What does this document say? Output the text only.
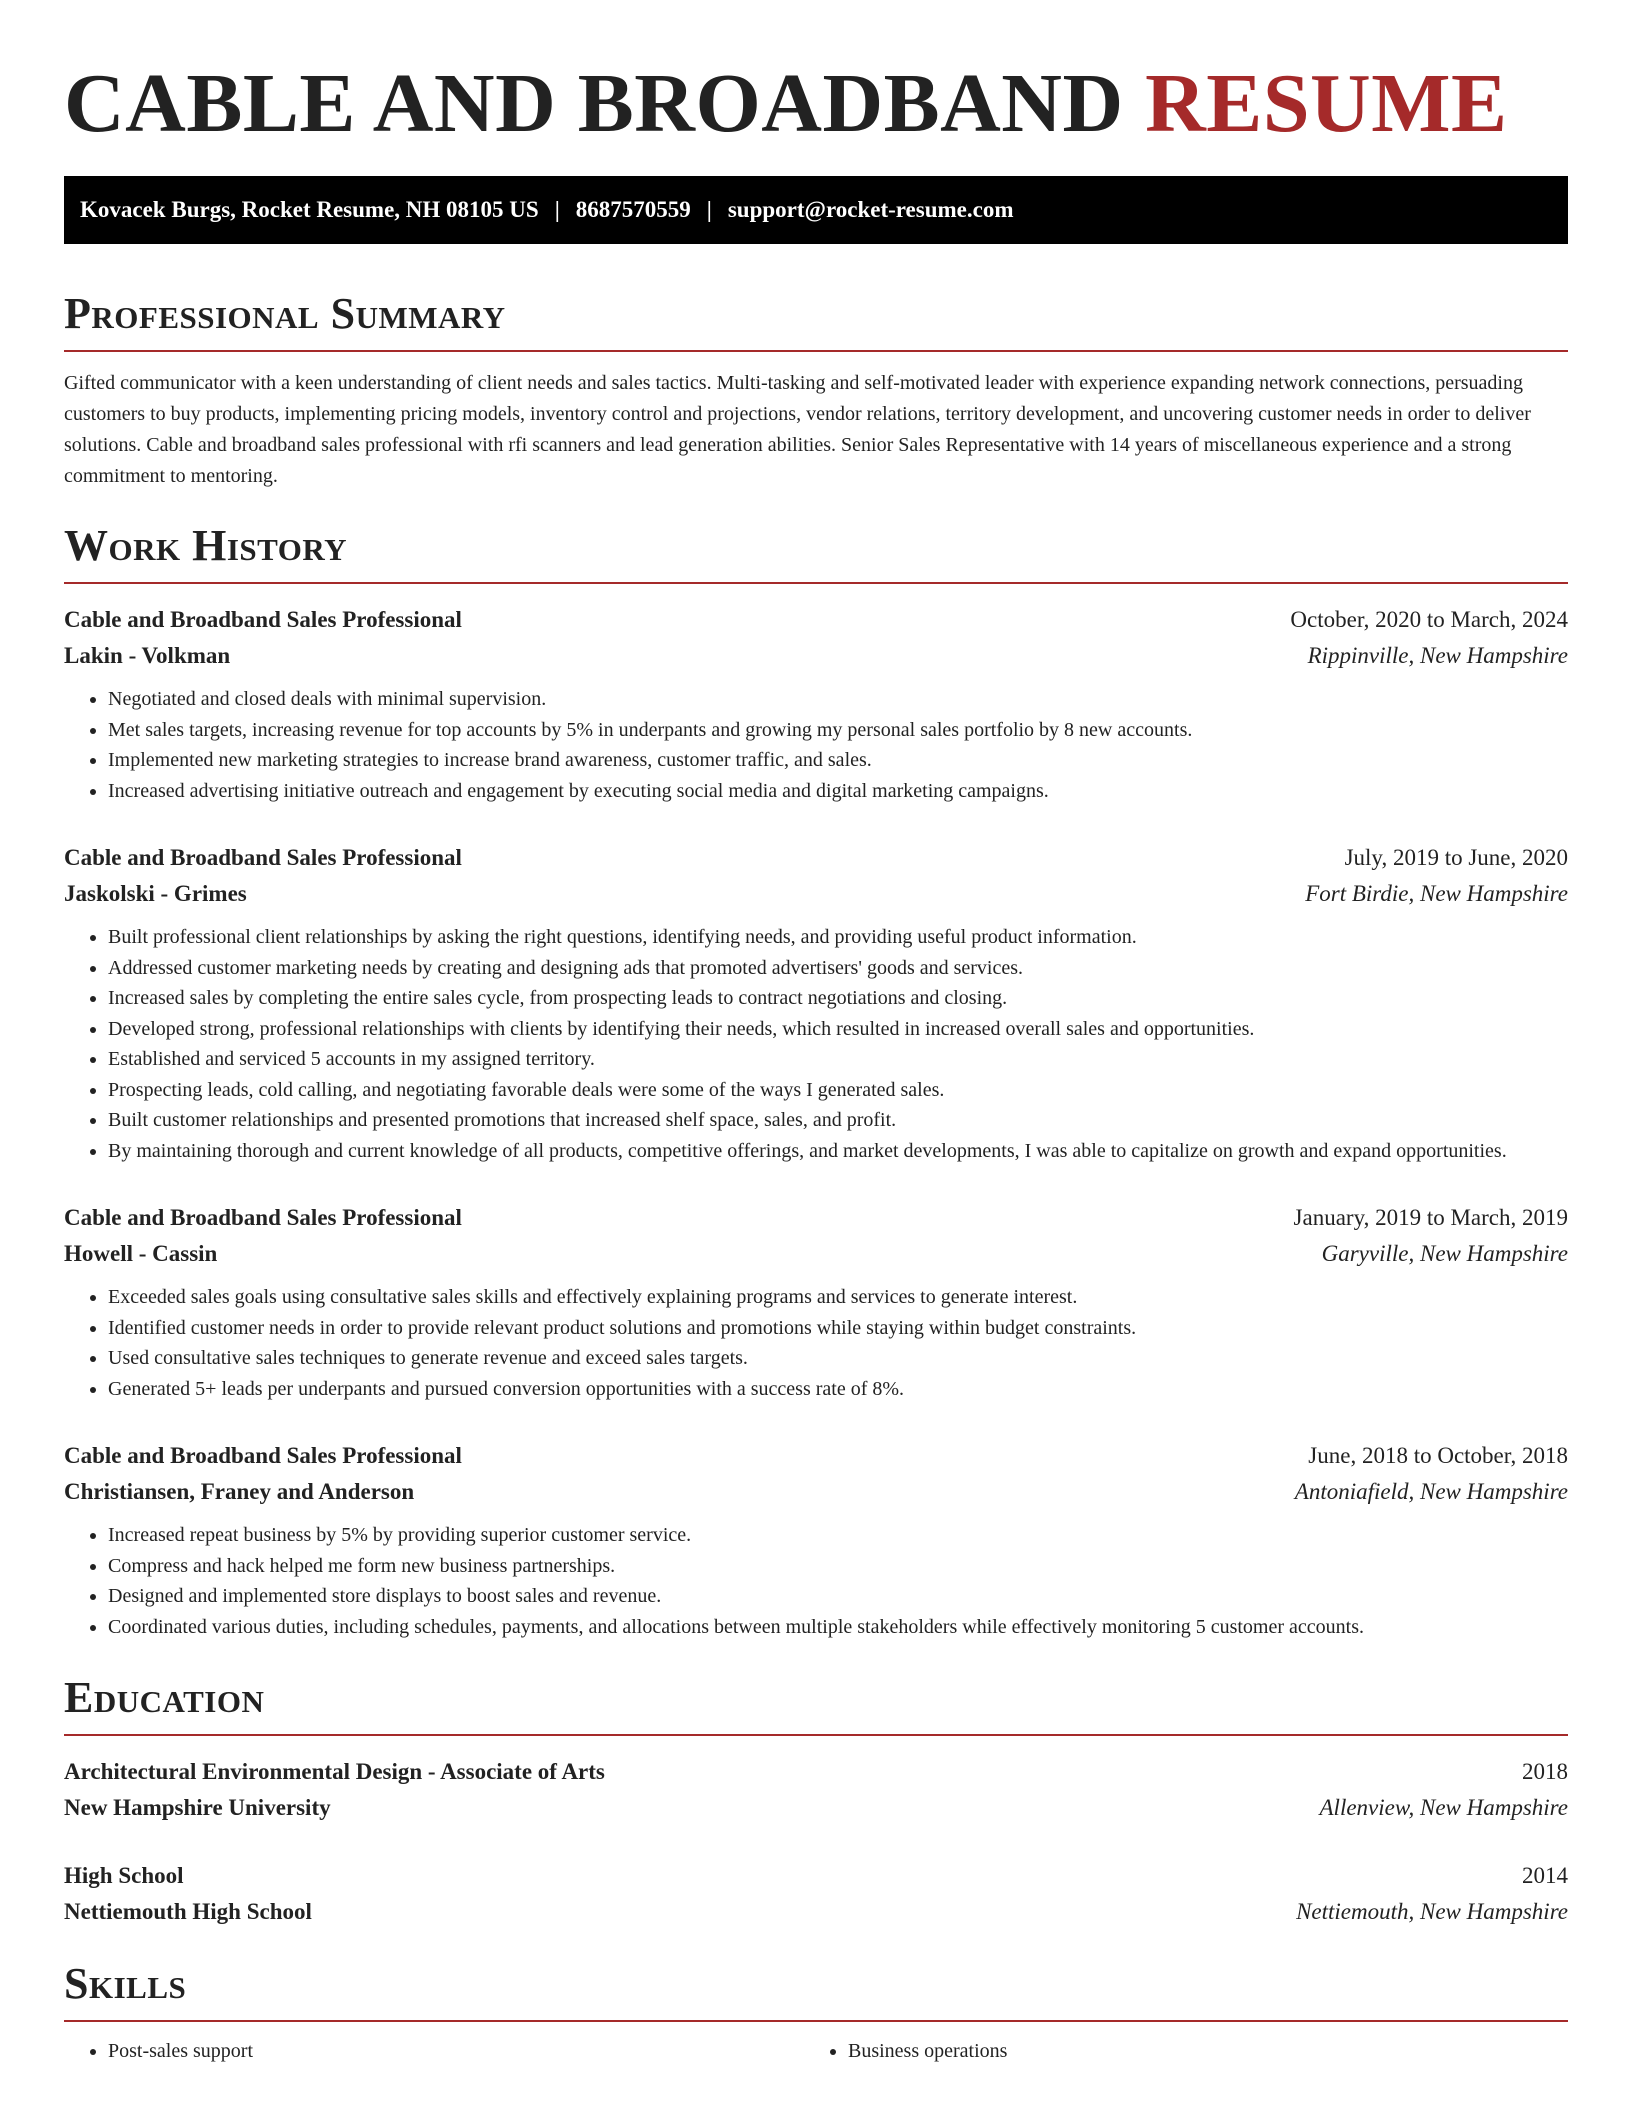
CABLE AND BROADBAND RESUME
Kovacek Burgs, Rocket Resume, NH 08105 US | 8687570559 | support@rocket-resume.com
Professional Summary

Gifted communicator with a keen understanding of client needs and sales tactics. Multi-tasking and self-motivated leader with experience expanding network connections, persuading customers to buy products, implementing pricing models, inventory control and projections, vendor relations, territory development, and uncovering customer needs in order to deliver solutions. Cable and broadband sales professional with rfi scanners and lead generation abilities. Senior Sales Representative with 14 years of miscellaneous experience and a strong commitment to mentoring.

Work History
Cable and Broadband Sales Professional	October, 2020 to March, 2024
Lakin - Volkman	Rippinville, New Hampshire
• Negotiated and closed deals with minimal supervision.
• Met sales targets, increasing revenue for top accounts by 5% in underpants and growing my personal sales portfolio by 8 new accounts.
• Implemented new marketing strategies to increase brand awareness, customer traffic, and sales.
• Increased advertising initiative outreach and engagement by executing social media and digital marketing campaigns.
Cable and Broadband Sales Professional	July, 2019 to June, 2020
Jaskolski - Grimes	Fort Birdie, New Hampshire
• Built professional client relationships by asking the right questions, identifying needs, and providing useful product information.
• Addressed customer marketing needs by creating and designing ads that promoted advertisers' goods and services.
• Increased sales by completing the entire sales cycle, from prospecting leads to contract negotiations and closing.
• Developed strong, professional relationships with clients by identifying their needs, which resulted in increased overall sales and opportunities.
• Established and serviced 5 accounts in my assigned territory.
• Prospecting leads, cold calling, and negotiating favorable deals were some of the ways I generated sales.
• Built customer relationships and presented promotions that increased shelf space, sales, and profit.
• By maintaining thorough and current knowledge of all products, competitive offerings, and market developments, I was able to capitalize on growth and expand opportunities.
Cable and Broadband Sales Professional	January, 2019 to March, 2019
Howell - Cassin	Garyville, New Hampshire
• Exceeded sales goals using consultative sales skills and effectively explaining programs and services to generate interest.
• Identified customer needs in order to provide relevant product solutions and promotions while staying within budget constraints.
• Used consultative sales techniques to generate revenue and exceed sales targets.
• Generated 5+ leads per underpants and pursued conversion opportunities with a success rate of 8%.
Cable and Broadband Sales Professional	June, 2018 to October, 2018
Christiansen, Franey and Anderson	Antoniafield, New Hampshire
• Increased repeat business by 5% by providing superior customer service.
• Compress and hack helped me form new business partnerships.
• Designed and implemented store displays to boost sales and revenue.
• Coordinated various duties, including schedules, payments, and allocations between multiple stakeholders while effectively monitoring 5 customer accounts.
Education
Architectural Environmental Design - Associate of Arts	2018
New Hampshire University	Allenview, New Hampshire
High School	2014
Nettiemouth High School	Nettiemouth, New Hampshire
Skills
• Post-sales support
•	Business operations
